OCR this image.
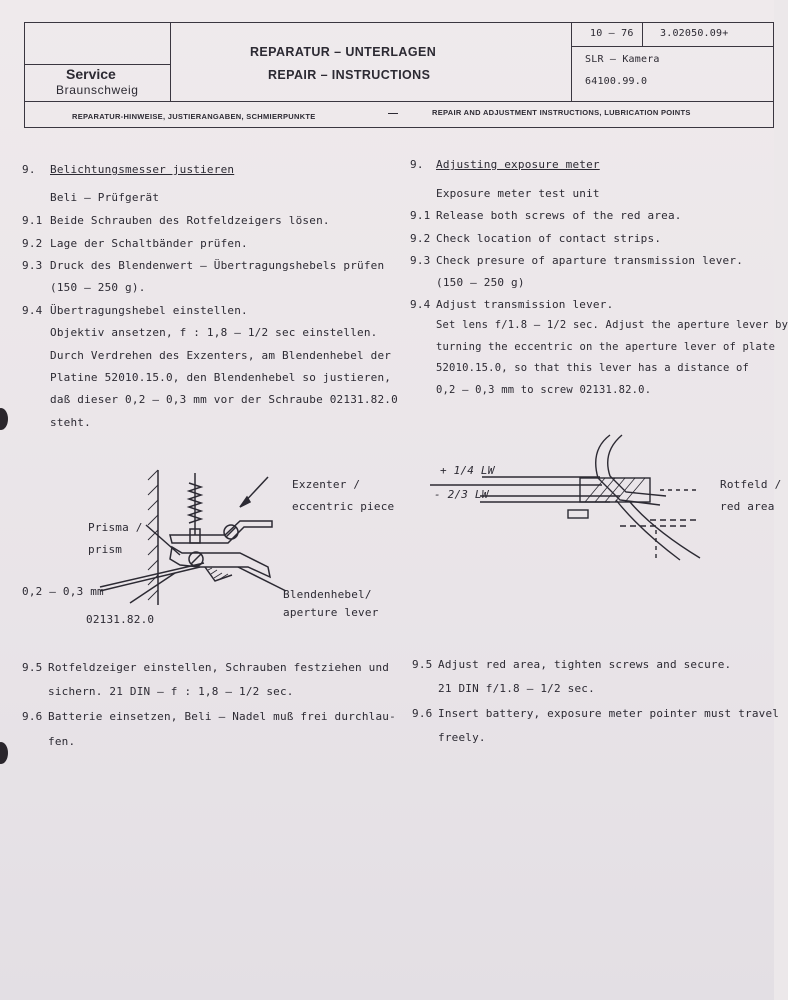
Service
Braunschweig
REPARATUR – UNTERLAGEN
REPAIR – INSTRUCTIONS
10 – 76	3.02050.09+
SLR – Kamera
64100.99.0
REPARATUR-HINWEISE, JUSTIERANGABEN, SCHMIERPUNKTE	—	REPAIR AND ADJUSTMENT INSTRUCTIONS, LUBRICATION POINTS
9. Belichtungsmesser justieren
Beli – Prüfgerät
9.1 Beide Schrauben des Rotfeldzeigers lösen.
9.2 Lage der Schaltbänder prüfen.
9.3 Druck des Blendenwert – Übertragungshebels prüfen
(150 – 250 g).
9.4 Übertragungshebel einstellen.
Objektiv ansetzen, f : 1,8 – 1/2 sec einstellen.
Durch Verdrehen des Exzenters, am Blendenhebel der
Platine 52010.15.0, den Blendenhebel so justieren,
daß dieser 0,2 – 0,3 mm vor der Schraube 02131.82.0
steht.
9. Adjusting exposure meter
Exposure meter test unit
9.1 Release both screws of the red area.
9.2 Check location of contact strips.
9.3 Check presure of aparture transmission lever.
(150 – 250 g)
9.4 Adjust transmission lever.
Set lens f/1.8 – 1/2 sec. Adjust the aperture lever by
turning the eccentric on the aperture lever of plate
52010.15.0, so that this lever has a distance of
0,2 – 0,3 mm to screw 02131.82.0.
Exzenter /
eccentric piece
Prisma /
prism
0,2 – 0,3 mm
02131.82.0
Blendenhebel/
aperture lever
+ 1/4 LW
- 2/3 LW
Rotfeld /
red area
9.5 Rotfeldzeiger einstellen, Schrauben festziehen und
sichern. 21 DIN – f : 1,8 – 1/2 sec.
9.6 Batterie einsetzen, Beli – Nadel muß frei durchlau-
fen.
9.5 Adjust red area, tighten screws and secure.
21 DIN f/1.8 – 1/2 sec.
9.6 Insert battery, exposure meter pointer must travel
freely.
